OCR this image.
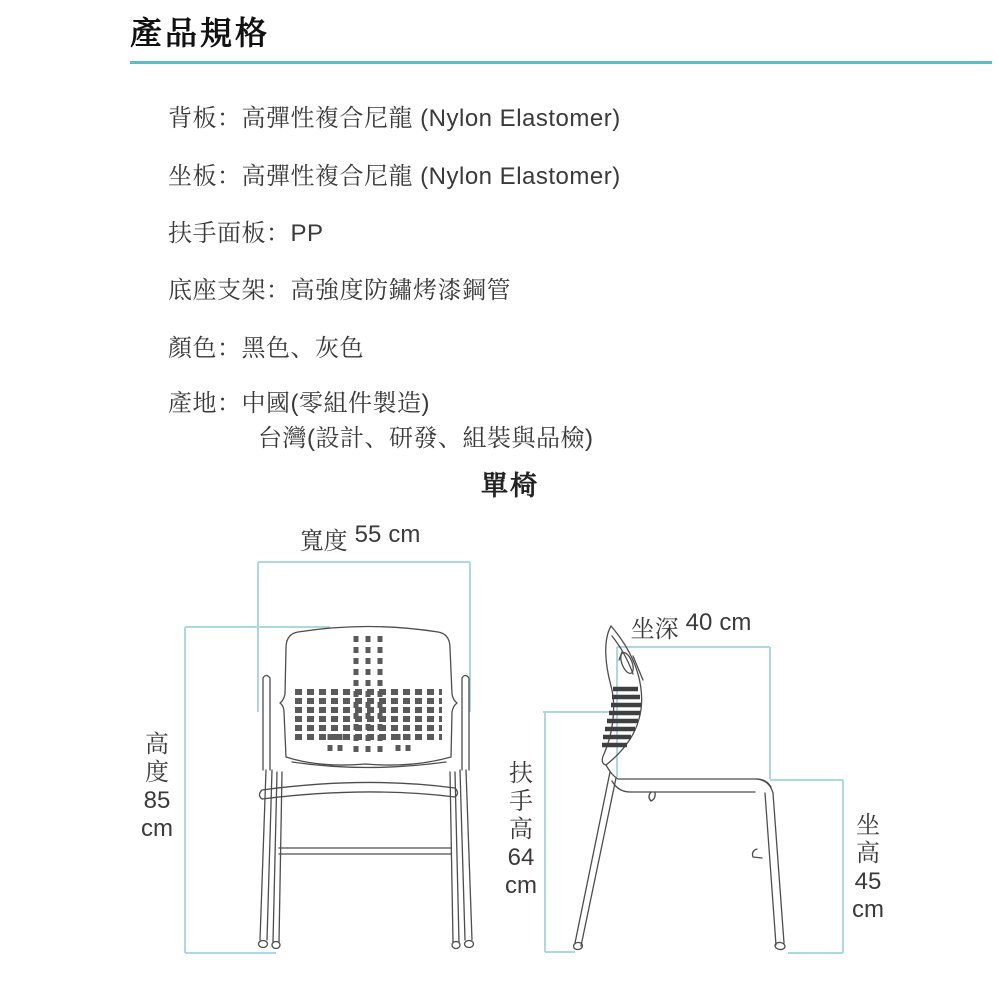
產品規格
背板：高彈性複合尼龍 (Nylon Elastomer)
坐板：高彈性複合尼龍 (Nylon Elastomer)
扶手面板：PP
底座支架：高強度防鏽烤漆鋼管
顏色：黑色、灰色
產地：中國(零組件製造)
台灣(設計、研發、組裝與品檢)
單椅
寬度 55 cm
坐深 40 cm
高度
85
cm
扶手高
64
cm
坐高
45
cm
